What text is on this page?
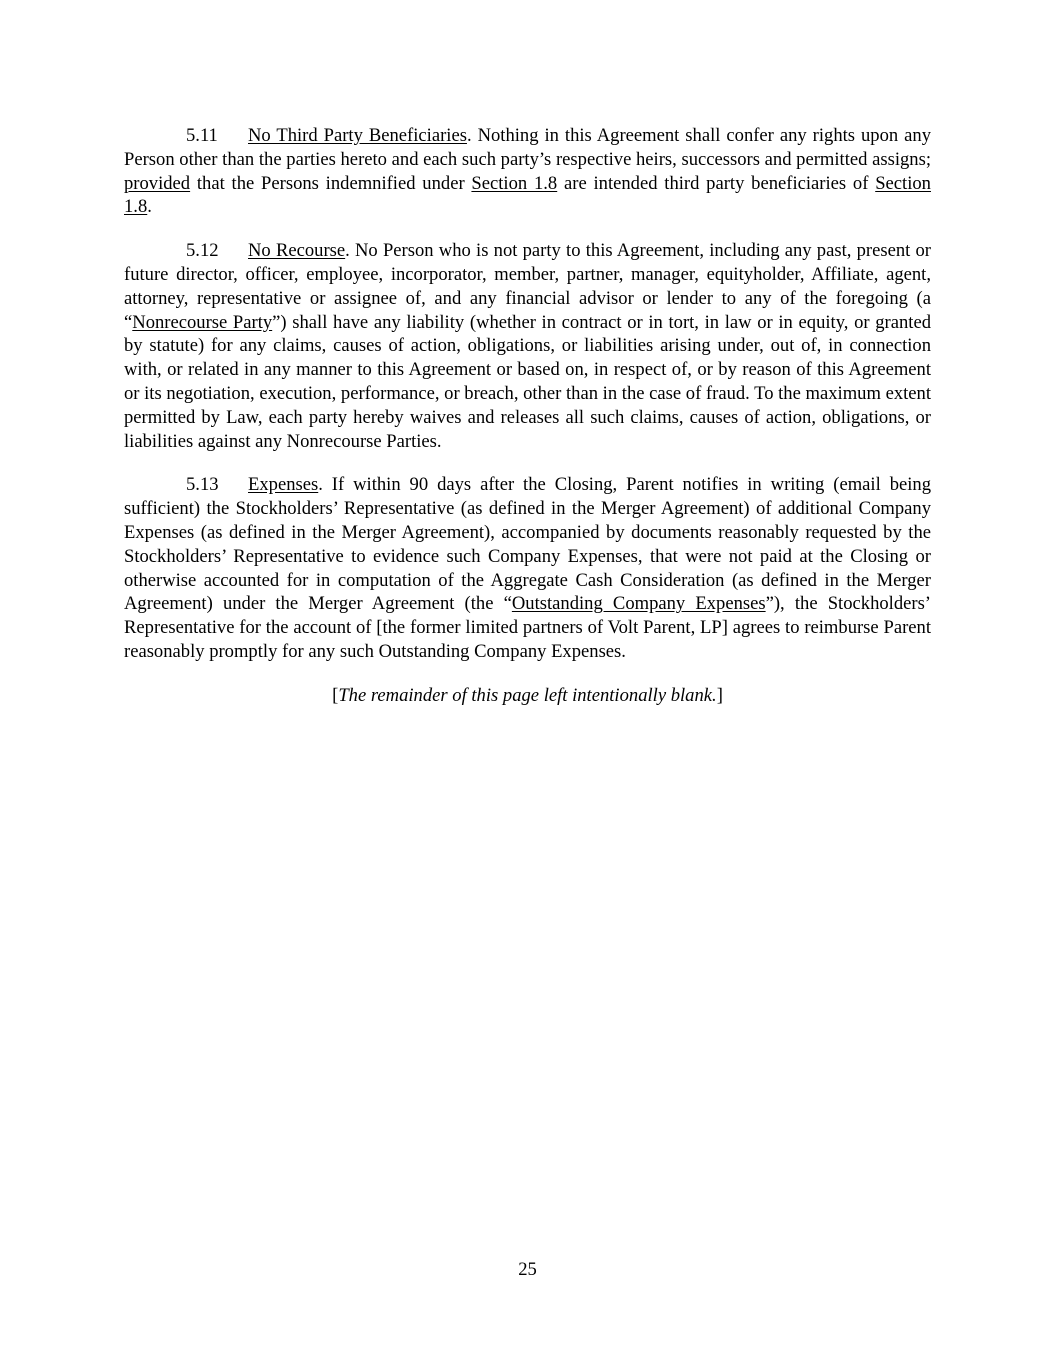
5.11 No Third Party Beneficiaries. Nothing in this Agreement shall confer any rights upon any Person other than the parties hereto and each such party’s respective heirs, successors and permitted assigns; provided that the Persons indemnified under Section 1.8 are intended third party beneficiaries of Section 1.8.

5.12 No Recourse. No Person who is not party to this Agreement, including any past, present or future director, officer, employee, incorporator, member, partner, manager, equityholder, Affiliate, agent, attorney, representative or assignee of, and any financial advisor or lender to any of the foregoing (a “Nonrecourse Party”) shall have any liability (whether in contract or in tort, in law or in equity, or granted by statute) for any claims, causes of action, obligations, or liabilities arising under, out of, in connection with, or related in any manner to this Agreement or based on, in respect of, or by reason of this Agreement or its negotiation, execution, performance, or breach, other than in the case of fraud. To the maximum extent permitted by Law, each party hereby waives and releases all such claims, causes of action, obligations, or liabilities against any Nonrecourse Parties.

5.13 Expenses. If within 90 days after the Closing, Parent notifies in writing (email being sufficient) the Stockholders’ Representative (as defined in the Merger Agreement) of additional Company Expenses (as defined in the Merger Agreement), accompanied by documents reasonably requested by the Stockholders’ Representative to evidence such Company Expenses, that were not paid at the Closing or otherwise accounted for in computation of the Aggregate Cash Consideration (as defined in the Merger Agreement) under the Merger Agreement (the “Outstanding Company Expenses”), the Stockholders’ Representative for the account of [the former limited partners of Volt Parent, LP] agrees to reimburse Parent reasonably promptly for any such Outstanding Company Expenses.

[The remainder of this page left intentionally blank.]

25
